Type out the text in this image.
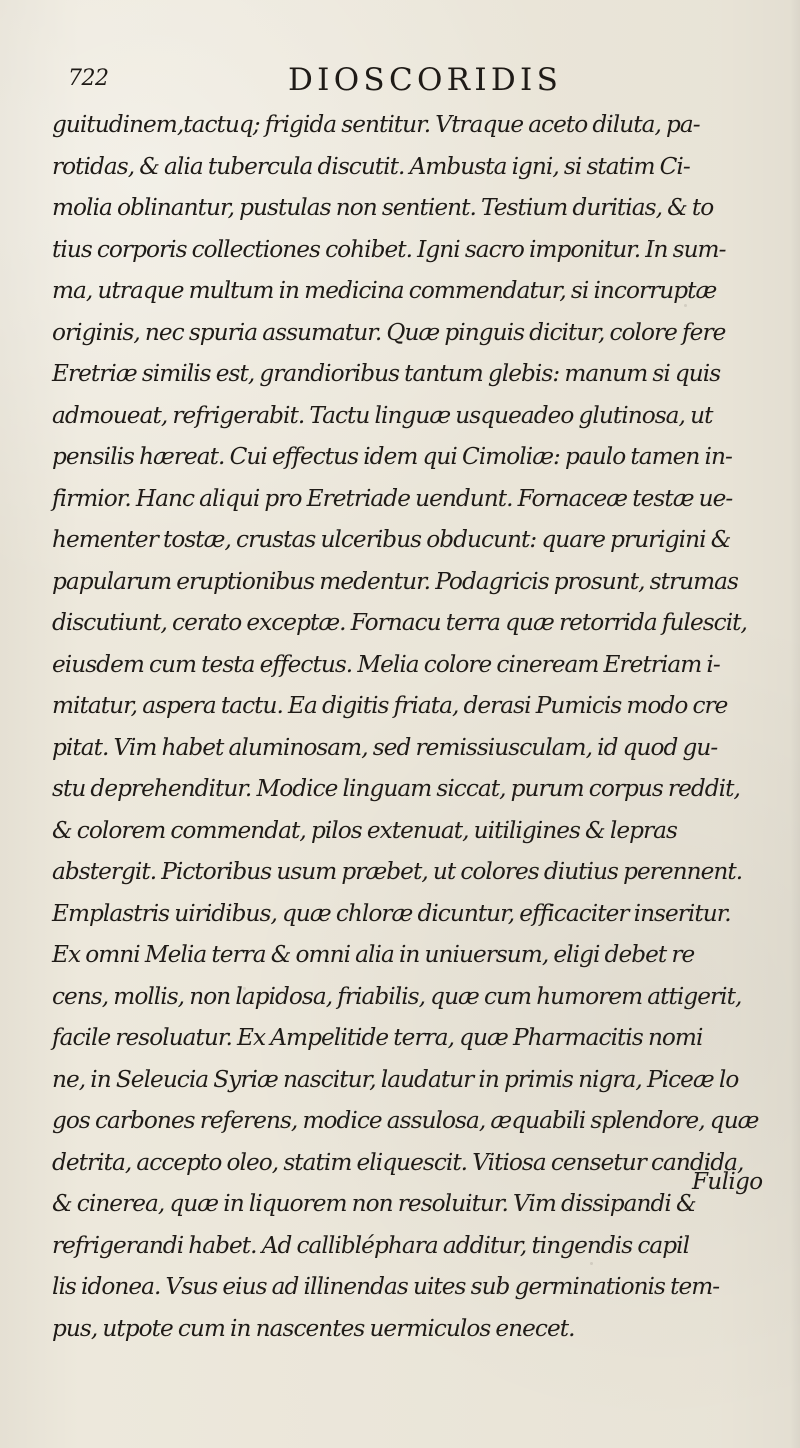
722	DIOSCORIDIS
guitudinem,tactuq; frigida sentitur. Vtraque aceto diluta, pa-
rotidas, & alia tubercula discutit. Ambusta igni, si statim Ci-
molia oblinantur, pustulas non sentient. Testium duritias, & to
tius corporis collectiones cohibet. Igni sacro imponitur. In sum-
ma, utraque multum in medicina commendatur, si incorruptæ
originis, nec spuria assumatur. Quæ pinguis dicitur, colore fere
Eretriæ similis est, grandioribus tantum glebis: manum si quis
admoueat, refrigerabit. Tactu linguæ usqueadeo glutinosa, ut
pensilis hæreat. Cui effectus idem qui Cimoliæ: paulo tamen in-
firmior. Hanc aliqui pro Eretriade uendunt. Fornaceæ testæ ue-
hementer tostæ, crustas ulceribus obducunt: quare prurigini &
papularum eruptionibus medentur. Podagricis prosunt, strumas
discutiunt, cerato exceptæ. Fornacu terra quæ retorrida fulescit,
eiusdem cum testa effectus. Melia colore cineream Eretriam i-
mitatur, aspera tactu. Ea digitis friata, derasi Pumicis modo cre
pitat. Vim habet aluminosam, sed remissiusculam, id quod gu-
stu deprehenditur. Modice linguam siccat, purum corpus reddit,
& colorem commendat, pilos extenuat, uitiligines & lepras
abstergit. Pictoribus usum præbet, ut colores diutius perennent.
Emplastris uiridibus, quæ chloræ dicuntur, efficaciter inseritur.
Ex omni Melia terra & omni alia in uniuersum, eligi debet re
cens, mollis, non lapidosa, friabilis, quæ cum humorem attigerit,
facile resoluatur. Ex Ampelitide terra, quæ Pharmacitis nomi
ne, in Seleucia Syriæ nascitur, laudatur in primis nigra, Piceæ lo
gos carbones referens, modice assulosa, æquabili splendore, quæ
detrita, accepto oleo, statim eliquescit. Vitiosa censetur candida,
& cinerea, quæ in liquorem non resoluitur. Vim dissipandi &
refrigerandi habet. Ad callibléphara additur, tingendis capil
lis idonea. Vsus eius ad illinendas uites sub germinationis tem-
pus, utpote cum in nascentes uermiculos enecet.
Fuligo
